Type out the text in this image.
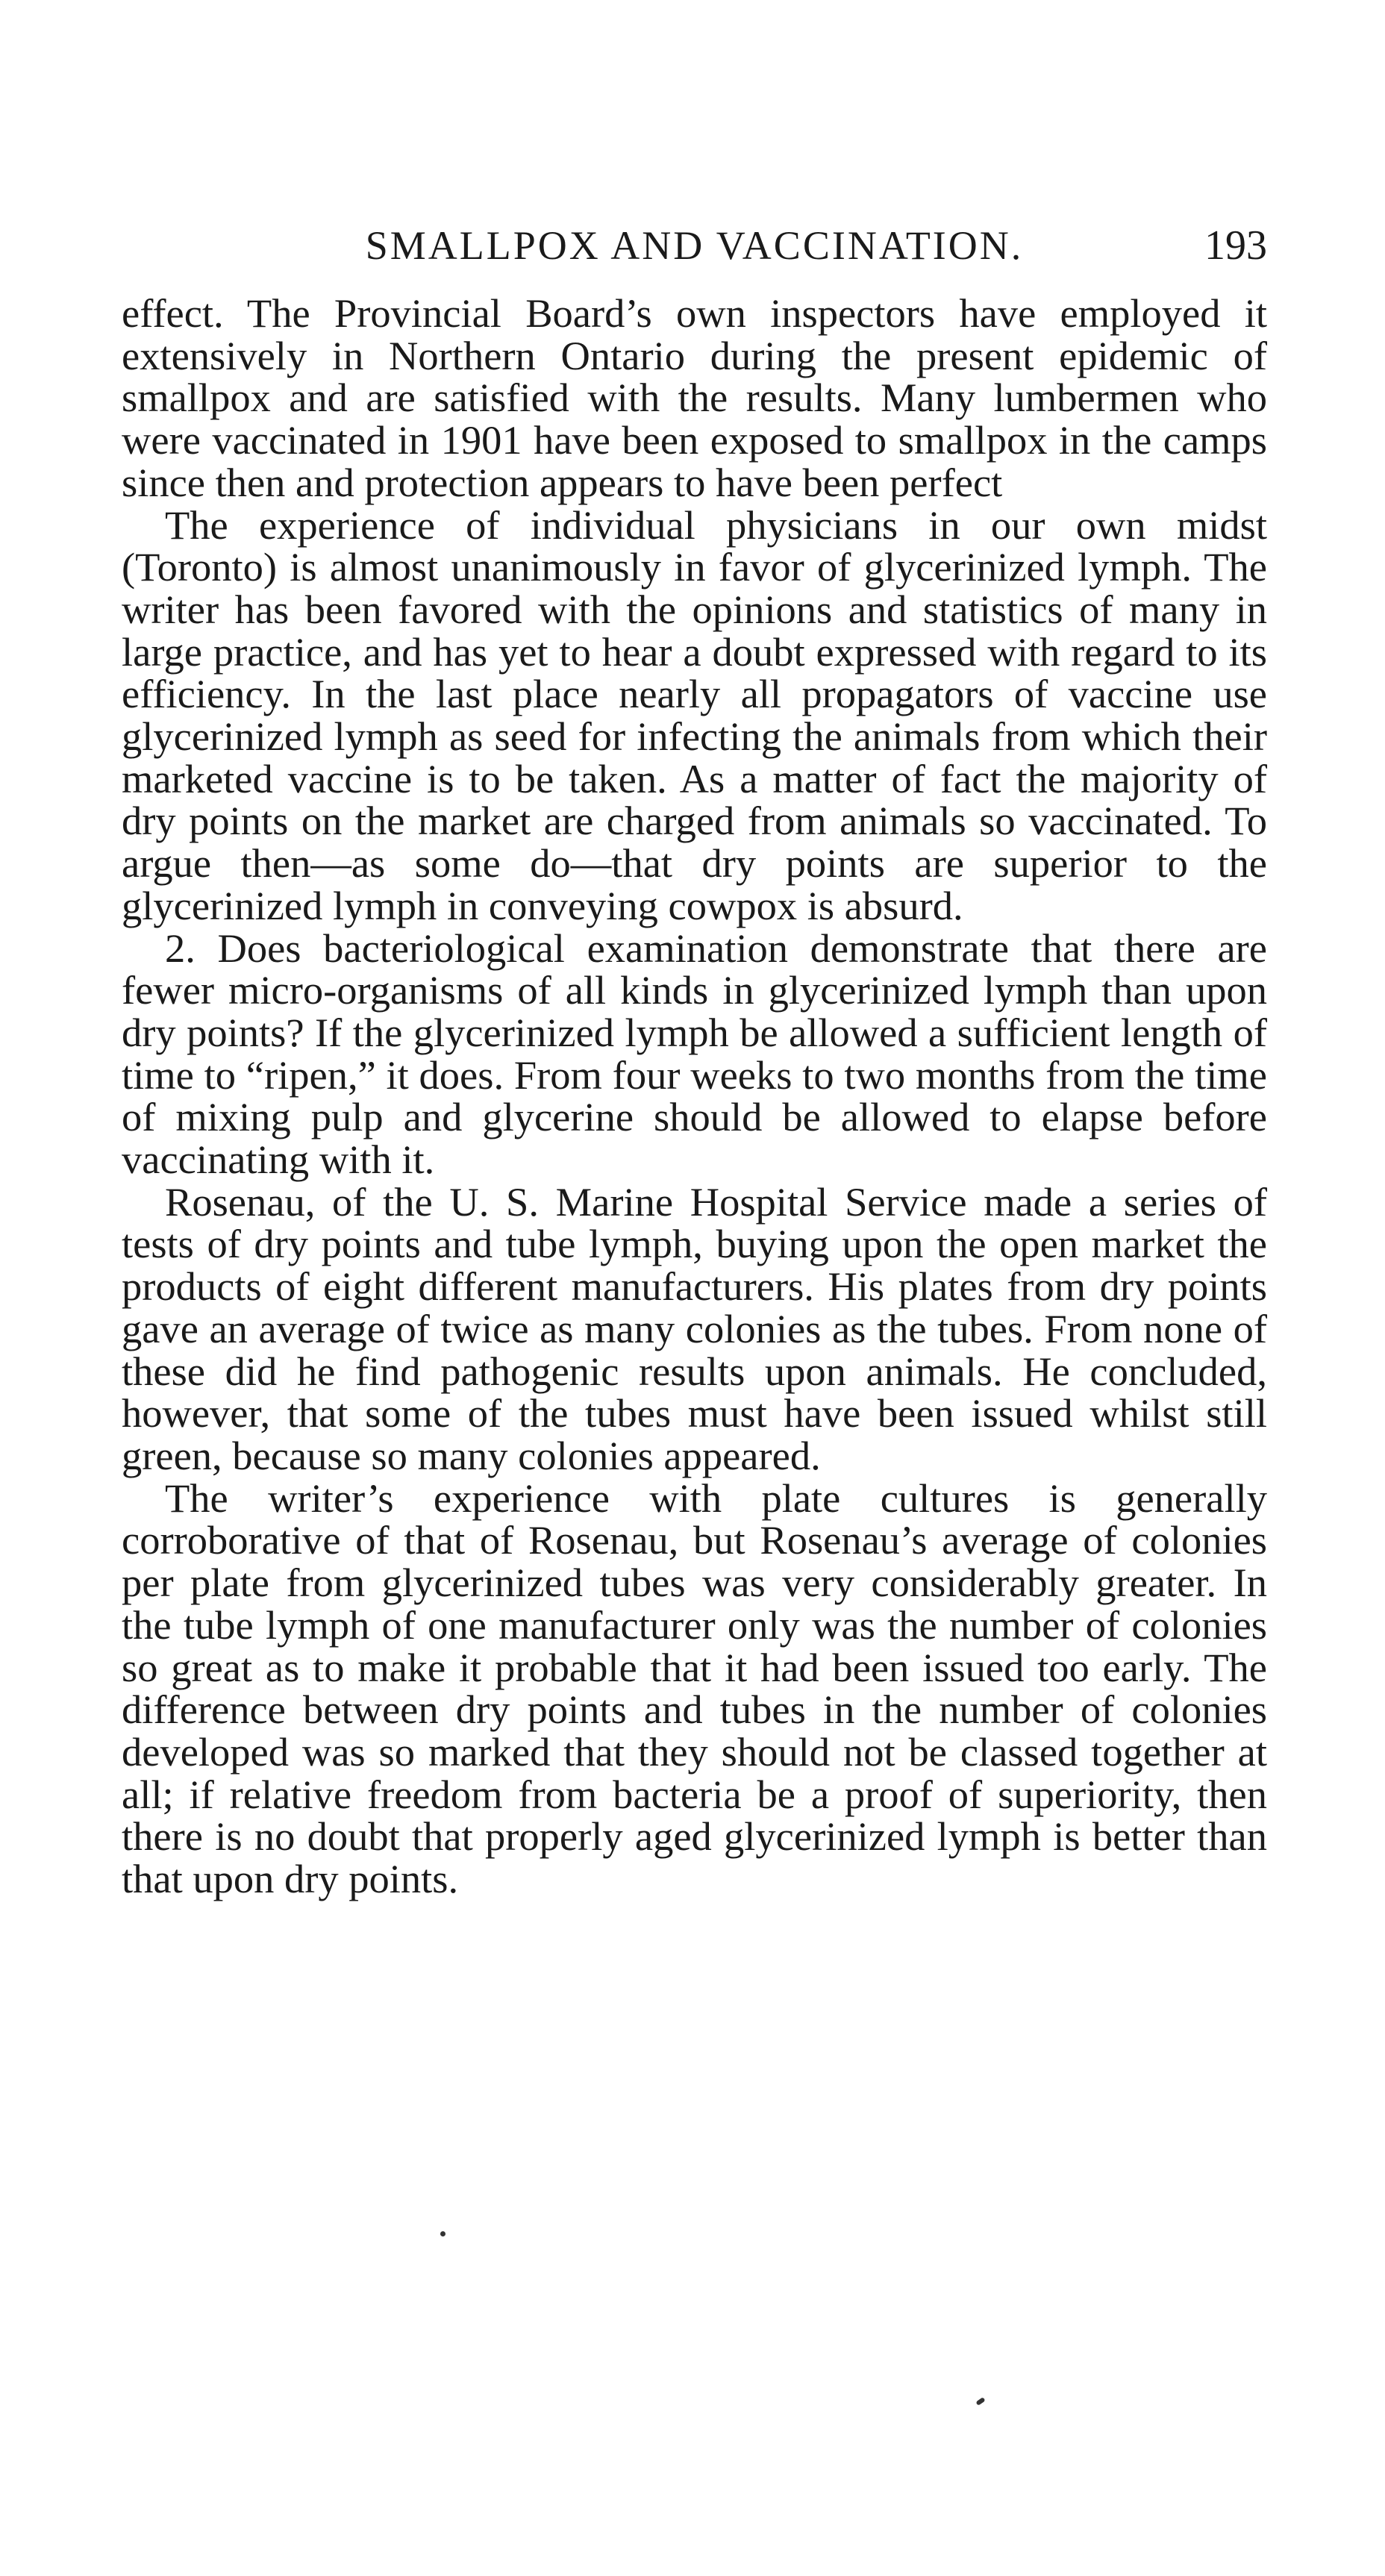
SMALLPOX AND VACCINATION.	193

effect. The Provincial Board’s own inspectors have employed it extensively in Northern Ontario during the present epidemic of smallpox and are satisfied with the results. Many lumbermen who were vaccinated in 1901 have been exposed to smallpox in the camps since then and protection appears to have been perfect

The experience of individual physicians in our own midst (Toronto) is almost unanimously in favor of glycerinized lymph. The writer has been favored with the opinions and statistics of many in large practice, and has yet to hear a doubt expressed with regard to its efficiency. In the last place nearly all propagators of vaccine use glycerinized lymph as seed for infecting the animals from which their marketed vaccine is to be taken. As a matter of fact the majority of dry points on the market are charged from animals so vaccinated. To argue then—as some do—that dry points are superior to the glycerinized lymph in conveying cowpox is absurd.

2. Does bacteriological examination demonstrate that there are fewer micro-organisms of all kinds in glycerinized lymph than upon dry points? If the glycerinized lymph be allowed a sufficient length of time to “ripen,” it does. From four weeks to two months from the time of mixing pulp and glycerine should be allowed to elapse before vaccinating with it.

Rosenau, of the U. S. Marine Hospital Service made a series of tests of dry points and tube lymph, buying upon the open market the products of eight different manufacturers. His plates from dry points gave an average of twice as many colonies as the tubes. From none of these did he find pathogenic results upon animals. He concluded, however, that some of the tubes must have been issued whilst still green, because so many colonies appeared.

The writer’s experience with plate cultures is generally corroborative of that of Rosenau, but Rosenau’s average of colonies per plate from glycerinized tubes was very considerably greater. In the tube lymph of one manufacturer only was the number of colonies so great as to make it probable that it had been issued too early. The difference between dry points and tubes in the number of colonies developed was so marked that they should not be classed together at all; if relative freedom from bacteria be a proof of superiority, then there is no doubt that properly aged glycerinized lymph is better than that upon dry points.
